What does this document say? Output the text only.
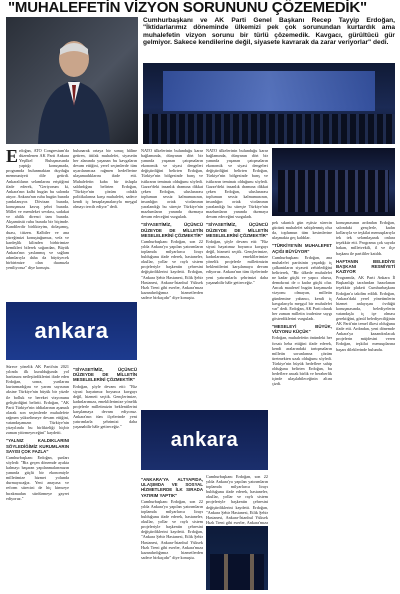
"MUHALEFETİN VİZYON SORUNUNU ÇÖZEMEDİK"
Cumhurbaşkanı ve AK Parti Genel Başkanı Recep Tayyip Erdoğan, "İktidarlarımız döneminde ülkemizi pek çok sorunundan kurtardık ama muhalefetin vizyon sorunu bir türlü çözemedik. Kavgacı, gürültücü gür gelmiyor. Sakece kendilerine değil, siyasete kavrarak da zarar veriyorlar" dedi.
Erdoğan, ATO Congresium'da düzenlenen AK Parti Ankara Yeşilkel Buluşmasında yaptığı konuşmada, programda bulunmaktan duyduğu memnuniyeti dile getirdi. Ankaralıların selamlarını eriştiğimi ifade ederek, "Geriyorum ki, Ankara'nın kalbi bugün bu salonda atıyor. Ankara'nın ruhu bugün burada yankılanıyor. Dövizan burada, konuşmuza kavuş şehri burada. Millet ve memleket sevdası, sadakat ve ahilik direnci tam burada. Akşamüstü ruhu burada bir biçimde. Kandilerdir birlikteyim, dolaşamış, duası, titizen. Kalbiler ve ana yüreğimizi konuştuğumuz, vefa ve kardeşlik kilinden birbirimize kemikleri bilerek soğarıdan, Büyük Ankara'nın yaslanmış ve sağlam adımlarıyla daha da büyüyecek birbirimize olan duamızla yeniliyoruz" diye konuştu.
ankara
Sürece yönelik AK Parti'nin 2021 yılında ilk kurulduğunda yol haritasını netleştirdiklerini ifade eden Erdoğan, sonra, yurtlarını kurtarmadığını ve yarım sayısının aksine Türkiye'nin büyük bir yüzde ile bolluk ve bereket vizyonunu geliştirdiğini belirtti. Erdoğan, "AK Parti Türkiye'nin iddialarının aşamalı olarak son seçimlerde muhalefete rağmen yükseltmeye devam ettiğini, vatandaşımızın Türkiye'nin yüzyılında bu birlikteliği hiçbir zaman yitirmeyeceğini" kaydetti.
"YALNIZ KALDIKLARINI SÖYLEDİĞİMİZ KURUMLARIN SAYISI ÇOK FAZLA"
Cumhurbaşkanı Erdoğan, şunları söyledi: "Biz geçen dönemde ayakta kalmayı başaran yapılanmalarımızın yanında güçlü bir ekonomiyle milletimize hizmet yolunda durmayacağız. Yeni anayasa ve reform sürecini de hiç kimseye bırakmadan sürdürmeye gayret ediyoruz."
bulunarak ortaya bir sonuç hâline getiren, ittifak muhalefet, siyasetin her alanında yaşanan bu kavgaların devam ettiğini, yerel seçimlerde tüm uyarılarımıza rağmen hedeflerine ulaşamadıklarını ifade etti. Muhalefetin kaba bir üslupla saldırdığını belirten Erdoğan, "Türkiye'nin çözüm odaklı politikalarına karşı muhalefet, sadece kendi iç hesaplaşmalarıyla meşgul olmayı tercih ediyor" dedi.
"SİYASETİMİZ, ÜÇÜNCÜ DÜZEYDE DE MİLLETİN MESELELERİNİ ÇÖZMEKTİR"
Erdoğan, şöyle devam etti: "Biz siyasi hayatımız boyunca kavgayı değil, hizmeti seçtik. Gençlerimize, kadınlarımıza, emeklilerimize yönelik projelerle milletimizin beklentilerini karşılamaya devam ediyoruz. Ankara'nın tüm ilçelerinde yeni yatırımlarla şehrimizi daha yaşanabilir hâle getireceğiz."
NATO ülkelerinin bulunduğu karar bağlamında, dünyanın dört bir yanında yaşanan çatışmaların ekonomik ve siyasi dengeleri değiştirdiğini belirten Erdoğan, Türkiye'nin bölgesinde barış ve istikrarın teminatı olduğunu söyledi. Gazze'deki insanlık dramına dikkat çeken Erdoğan, uluslararası toplumun sessiz kalmamasının, insanlığın ortak vicdanının yaralandığı bu süreçte Türkiye'nin mazlumların yanında durmaya devam edeceğini vurguladı.
"SİYASETİMİZ, ÜÇÜNCÜ DÜZEYDE DE MİLLETİN MESELELERİNİ ÇÖZMEKTİR"
Cumhurbaşkanı Erdoğan, son 22 yılda Ankara'ya yapılan yatırımların toplamda milyarlarca lirayı bulduğunu ifade ederek, hastaneler, okullar, yollar ve raylı sistem projeleriyle başkentin çehresini değiştirdiklerini kaydetti. Erdoğan, "Ankara Şehir Hastanesi, Etlik Şehir Hastanesi, Ankara-İstanbul Yüksek Hızlı Treni gibi eserler, Ankara'mıza kazandırdığımız hizmetlerden sadece birkaçıdır" diye konuştu.
ankara
"ANKARA'YA ALTYAPIDA, ULAŞIMDA VE SOSYAL HİZMETLERDE İLK SIRADA YATIRIM YAPTIK"
Cumhurbaşkanı Erdoğan, son 22 yılda Ankara'ya yapılan yatırımların toplamda milyarlarca lirayı bulduğunu ifade ederek, hastaneler, okullar, yollar ve raylı sistem projeleriyle başkentin çehresini değiştirdiklerini kaydetti. Erdoğan, "Ankara Şehir Hastanesi, Etlik Şehir Hastanesi, Ankara-İstanbul Yüksek Hızlı Treni gibi eserler, Ankara'mıza kazandırdığımız hizmetlerden sadece birkaçıdır" diye konuştu.
NATO ülkelerinin bulunduğu karar bağlamında, dünyanın dört bir yanında yaşanan çatışmaların ekonomik ve siyasi dengeleri değiştirdiğini belirten Erdoğan, Türkiye'nin bölgesinde barış ve istikrarın teminatı olduğunu söyledi. Gazze'deki insanlık dramına dikkat çeken Erdoğan, uluslararası toplumun sessiz kalmamasının, insanlığın ortak vicdanının yaralandığı bu süreçte Türkiye'nin mazlumların yanında durmaya devam edeceğini vurguladı.
"SİYASETİMİZ, ÜÇÜNCÜ DÜZEYDE DE MİLLETİN MESELELERİNİ ÇÖZMEKTİR"
Erdoğan, şöyle devam etti: "Biz siyasi hayatımız boyunca kavgayı değil, hizmeti seçtik. Gençlerimize, kadınlarımıza, emeklilerimize yönelik projelerle milletimizin beklentilerini karşılamaya devam ediyoruz. Ankara'nın tüm ilçelerinde yeni yatırımlarla şehrimizi daha yaşanabilir hâle getireceğiz."
Cumhurbaşkanı Erdoğan, son 22 yılda Ankara'ya yapılan yatırımların toplamda milyarlarca lirayı bulduğunu ifade ederek, hastaneler, okullar, yollar ve raylı sistem projeleriyle başkentin çehresini değiştirdiklerini kaydetti. Erdoğan, "Ankara Şehir Hastanesi, Etlik Şehir Hastanesi, Ankara-İstanbul Yüksek Hızlı Treni gibi eserler, Ankara'mıza
pek sıkıntılı gün eşitsiz sürecin gücünü muhalefet sahiplenmiş olsa da, toplumun tüm kesimlerine ulaşmakta geç kaldılar.
"TÜRKİYE'NİN MUHALEFET AÇIĞI BÜYÜYOR"
Cumhurbaşkanı Erdoğan, ana muhalefet partisinin yaşadığı iç çalkantıların siyaseti zehirlediğini belirterek, "Bir ülkede muhalefet ne kadar güçlü ve yapıcı olursa, demokrasi de o kadar güçlü olur. Ancak maalesef bugün karşımızda vizyonu olmayan, milletin gündemine yabancı, kendi iç kavgalarıyla meşgul bir muhalefet var" dedi. Erdoğan, AK Parti olarak her zaman milletin iradesine saygı gösterdiklerini vurguladı.
"MESELEYİ BÜYÜK, VİZYONU KÜÇÜK"
Erdoğan, muhalefetin önündeki her fırsatı heba ettiğini ifade ederek, kendi aralarındaki tartışmaların milletin sorunlarına çözüm üretmekten uzak olduğunu söyledi. Türkiye'nin büyük hedeflere sahip olduğunu belirten Erdoğan, bu hedeflere ancak birlik ve beraberlik içinde ulaşılabileceğinin altını çizdi.
konuşmasının ardından Erdoğan, salondaki gençlerle, kadın kollarıyla ve teşkilat mensuplarıyla tek tek selamlaşarak onlara teşekkür etti. Programa çok sayıda bakan, milletvekili, il ve ilçe başkanı ile partililer katıldı.
HAFTANIN BELEDİYE BAŞKANI RESMİYETİ KAZIYOR
Programda, AK Parti Ankara İl Başkanlığı tarafından hazırlanan teşekkür plaketi Cumhurbaşkanı Erdoğan'a takdim edildi. Erdoğan, Ankara'daki yerel yönetimlerin hizmet anlayışını övdüğü konuşmasında, belediyelerin vatandaşla iç içe olması gerektiğini, gönül belediyeciliğinin AK Parti'nin temel ilkesi olduğunu ifade etti. Ardından, yeni dönemde Ankara'ya kazandırılacak projelerin müjdesini veren Erdoğan, teşkilat mensuplarına başarı dileklerinde bulundu.
